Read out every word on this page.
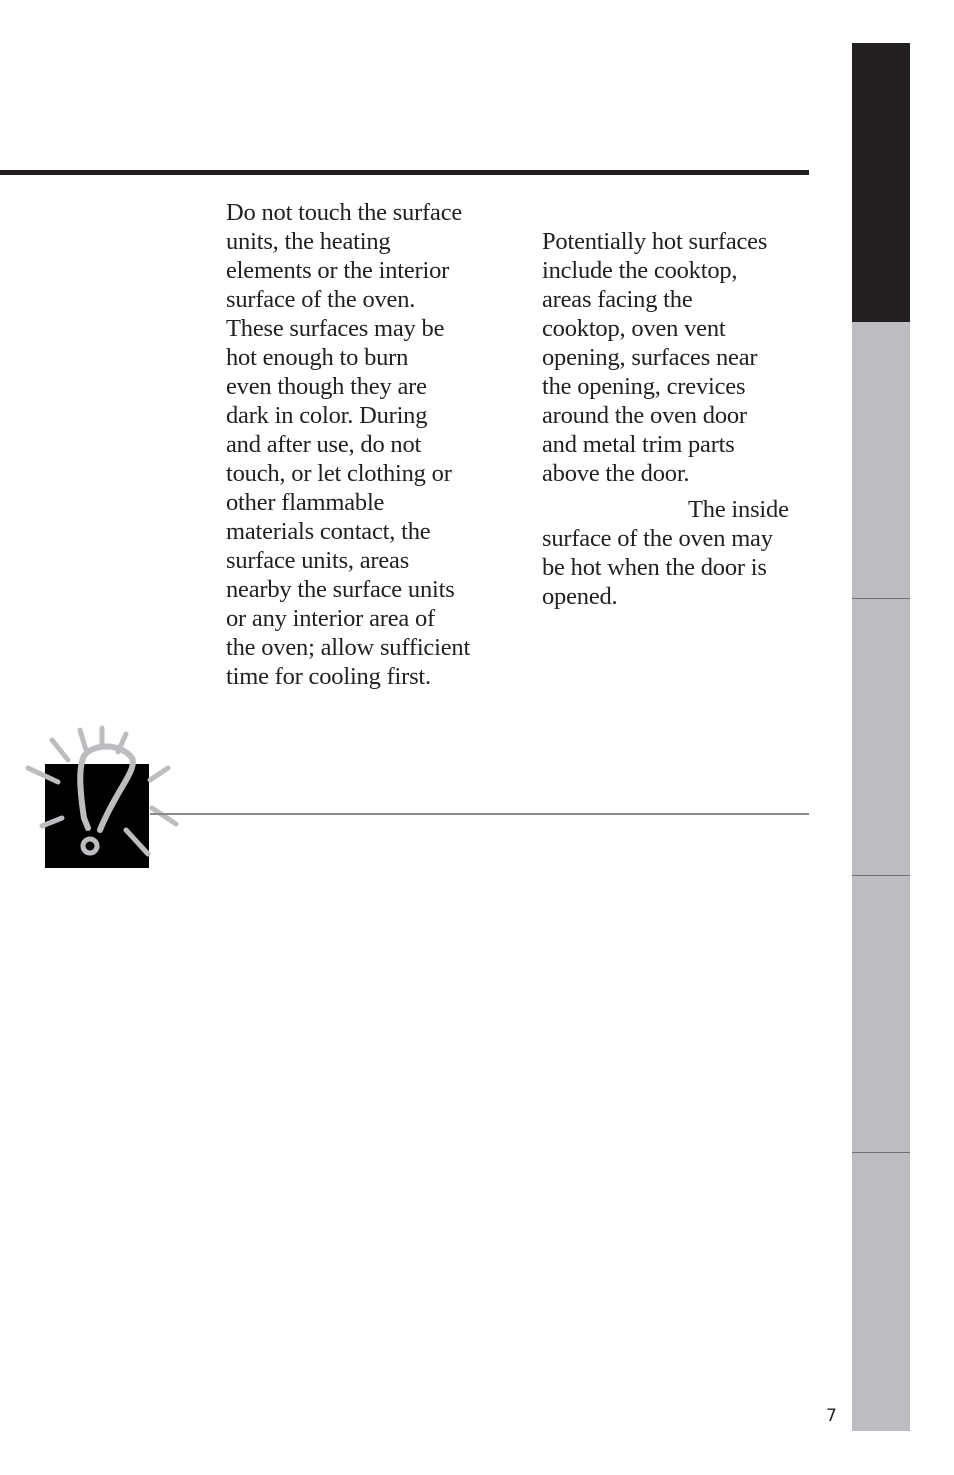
Do not touch the surface
units, the heating
elements or the interior
surface of the oven.
These surfaces may be
hot enough to burn
even though they are
dark in color. During
and after use, do not
touch, or let clothing or
other flammable
materials contact, the
surface units, areas
nearby the surface units
or any interior area of
the oven; allow sufficient
time for cooling first.

Potentially hot surfaces
include the cooktop,
areas facing the
cooktop, oven vent
opening, surfaces near
the opening, crevices
around the oven door
and metal trim parts
above the door.

The inside
surface of the oven may
be hot when the door is
opened.

7
